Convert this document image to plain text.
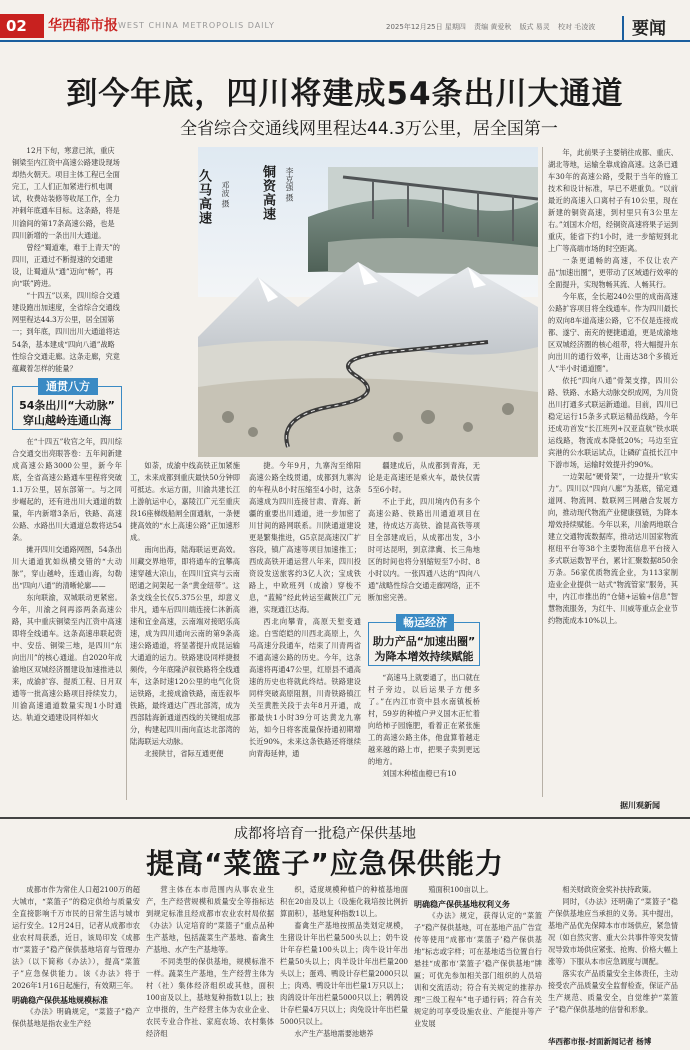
02	华西都市报 WEST CHINA METROPOLIS DAILY	2025年12月25日 星期四 责编 黄爱秋 版式 易灵 校对 毛凌波	要闻
到今年底，四川将建成54条出川大通道
全省综合交通线网里程达44.3万公里，居全国第一

12月下旬，寒意已浓，重庆铜梁至内江资中高速公路建设现场却热火朝天。项目主体工程已全面完工，工人们正加紧进行机电调试，收费站装修等收尾工作，全力冲刺年底通车目标。这条路，将是川渝间的第17条高速公路，也是四川新增的一条出川大通道。

曾经“蜀道难，难于上青天”的四川，正通过不断提速的交通建设，让蜀道从“通”迈向“畅”，再向“联”跨进。

“十四五”以来，四川综合交通建设跑出加速度，全省综合交通线网里程达44.3万公里，居全国第一；到年底，四川出川大通道将达54条，基本建成“四向八通”战略性综合交通走廊。这条走廊，究竟蕴藏着怎样的能量？

久马高速 邓波 摄 铜资高速 李克强 摄
通贯八方
54条出川“大动脉” 穿山越岭连通山海

在“十四五”收官之年，四川综合交通交出亮眼答卷：五年间新建成高速公路3000公里，新今年底，全省高速公路通车里程将突破1.1万公里，居东部第一。与之同步崛起的，还有进出川大通道的数量，年内新增3条后，铁路、高速公路、水路出川大通道总数将达54条。

摊开四川交通路网图，54条出川大通道犹如纵横交错的“大动脉”，穿山越岭，连通山海，勾勒出“四向八通”的清晰轮廓——

东向联渝，双城联动更紧密。今年，川渝之间再添两条高速公路，其中重庆铜梁至内江资中高速即将全线通车。这条高速串联起资中、安岳、铜梁三地，是四川“东向出川”的核心通道。自2020年成渝地区双城经济圈建设加速推进以来，成渝扩容、提质工程、日月双通等一批高速公路项目持续发力，川渝高速通道数量实现1小时通达。轨道交通建设同样如火

如荼，成渝中线高铁正加紧施工，未来成都到重庆最快50分钟即可抵达。水运方面，川渝共建长江上游航运中心，嘉陵江广元至重庆段16座梯级船闸全面通航，一条便捷高效的“水上高速公路”正加速形成。

南向出海，陆海联运更高效。川藏交界地带，即将通车的宜攀高速穿越大凉山，在四川宜宾与云南昭通之间架起一条“黄金纽带”。这条支线全长仅5.375公里，却意义非凡，通车后四川端连接仁沐新高速和宜金高速，云南端对接昭乐高速，成为四川通向云南的第9条高速公路通道，将显著提升成昆运输大通道的运力。铁路建设同样捷报频传，今年底隆泸叙铁路将全线通车，这条时速120公里的电气化货运铁路，北接成渝铁路，南连叙毕铁路，最终通达广西北部湾，成为西部陆海新通道西线的关键组成部分，构建起四川南向直达北部湾的陆海联运大动脉。

北接陕甘，省际互通更便

捷。今年9月，九寨沟至绵阳高速公路全线贯通，成都到九寨沟的车程从8小时压缩至4小时，这条高速成为四川连接甘肃、青海、新疆的重要出川通道，进一步加密了川甘间的路网联系。川陕通道建设更是繁集推进，G5京昆高速汉广扩容段，镇广高速等项目加速推工；西成高铁开通运营八年来，四川投资设发送旅客约3亿人次；宝成铁路上，中欧班列（成渝）穿梭不息，“蓝鲸”经此转运至藏陕江广元港，实现通江达海。

西北向攀青，高原天堑变通途。白雪皑皑的川西北高原上，久马高速分段通车，结束了川青两省不通高速公路的历史。今年，这条高速将再通47公里，红原县不通高速的历史也将就此终结。铁路建设同样突破高原阻割，川青铁路镇江关至黄胜关段于去年8月开通，成都最快1小时39分可达黄龙九寨站，如今日将客流量保持通初期增长近90%，未来这条铁路还将继续向青海延伸，通

疆建成后，从成都到青海，无论是走高速还是乘火车，最快仅需5至6小时。

不止于此，四川境内仍有多个高速公路、铁路出川通道项目在建，待成达万高铁、渝昆高铁等项目全部建成后，从成都出发，3小时可达昆明，到京津冀、长三角地区的时间也将分别缩短至7小时、8小时以内。一张四通八达的“四向八通”战略性综合交通走廊网络，正不断加密完善。

畅运经济
助力产品“加速出圈” 为降本增效持续赋能

“高速马上就要通了，出口就在村子旁边，以后运果子方便多了。”在内江市资中县水南镇板桥村，59岁的种植户尹义国木正忙着向给柿子园施肥，看着正在紧张施工的高速公路主体，他盘算着越走越来越的路上市，把果子卖到更远的地方。

刘国木种植血橙已有10

年，此前果子主要销往成都、重庆、湖北等地，运输全靠成渝高速。这条已通车30年的高速公路，受限于当年的施工技术和设计标准，早已不堪重负。“以前最近的高速入口离村子有10公里，现在新建的铜资高速，到村里只有3公里左右。”刘国木介绍，经铜资高速将果子运到重庆，能省下约1小时，进一步缩短到北上广等高端市场的时空距离。

一条更通畅的高速，不仅让农产品“加速出圈”，更带动了区域通行效率的全面提升，实现物畅其流、人畅其行。

今年底，全长超240公里的成南高速公路扩容项目将全线通车。作为四川最长的双向8车道高速公路，它不仅是连接成都、遂宁、南充的便捷通道，更是成渝地区双城经济圈的核心组带，将大幅提升东向出川的通行效率，让南达38个多镇近人“半小时通道圈”。

依托“四向八通”骨架支撑，四川公路、铁路、水路大动脉交织成网，为川货出川打通多式联运新通道。目前，四川已稳定运行15条多式联运精品线路，今年还成功首发“长江班列+汉亚直航”铁水联运线路，物流成本降低20%；马边至宜宾港的公水联运试点，让磷矿直抵长江中下游市场，运输时效提升约90%。

一边架起“硬骨架”，一边提升“软实力”。四川以“四向八廊”为基底，锚定通道网、物流网、数联网三网融合发展方向，推动现代物流产业健康强链，为降本增效持续赋能。今年以来，川渝两地联合建立交通物流数据库，推动达川国家物流枢纽平台等38个主要物流信息平台接入多式联运数智平台，累计汇聚数据850余万条。56家优质物流企业，为113家制造业企业提供一站式“物流管家”服务，其中，内江市推出的“仓储+运输+信息”智慧物流服务，为红牛、川威等重点企业节约物流成本10%以上。

据川观新闻
成都将培育一批稳产保供基地
提高“菜篮子”应急保供能力

成都市作为常住人口超2100万的超大城市，“菜篮子”的稳定供给与质量安全直接影响千万市民的日常生活与城市运行安全。12月24日，记者从成都市农业农村局获悉，近日，该局印发《成都市“菜篮子”稳产保供基地培育与管理办法》（以下简称《办法》），提高“菜篮子”应急保供能力。该《办法》将于2026年1月16日起施行，有效期三年。

明确稳产保供基地规模标准

《办法》明确规定，“菜篮子”稳产保供基地是指农业生产经

营主体在本市范围内从事农业生产，生产经营规模和质量安全等指标达到规定标准且经成都市农业农村局依据《办法》认定培育的“菜篮子”重点品种生产基地，包括蔬菜生产基地、畜禽生产基地、水产生产基地等。

不同类型的保供基地，规模标准不一样。蔬菜生产基地，生产经营主体为村（社）集体经济组织或其他，面积100亩及以上，基地复种指数1以上；独立申报的，生产经营主体为农业企业、农民专业合作社、家庭农场、农村集体经济组

织，适度规模种植户的种植基地面积在20亩及以上（设施化栽培按比例折算面积），基地复种指数1以上。

畜禽生产基地按照品类划定规模，生猪设计年出栏量500头以上；奶牛设计年存栏量100头以上；肉牛设计年出栏量50头以上；肉羊设计年出栏量200头以上；蛋鸡、鸭设计存栏量2000只以上；肉鸡、鸭设计年出栏量1万只以上；肉鸽设计年出栏量5000只以上；鹌鹑设计存栏量4万只以上；肉兔设计年出栏量5000只以上。

水产生产基地需要池塘养

殖面积100亩以上。

明确稳产保供基地权利义务

《办法》规定，获得认定的“菜篮子”稳产保供基地，可在基地产品广告宣传等使用“成都市‘菜篮子’稳产保供基地”标志或字样；可在基地适当位置自行悬挂“成都市‘菜篮子’稳产保供基地”牌匾；可优先参加相关部门组织的人员培训和交流活动；符合有关规定的推荐办理“三级工程车”电子通行码；符合有关规定的可享受设施农业、产能提升等产业发展

相关财政资金奖补扶持政策。

同时，《办法》还明确了“菜篮子”稳产保供基地应当承担的义务。其中提出，基地产品优先保障本市市场供应，紧急情况（如自然灾害、重大公共事件等突发情况导致市场供应紧张、抢购、价格大幅上涨等）下服从本市应急调度与调配。

落实农产品质量安全主体责任，主动接受农产品质量安全监督检查，保证产品生产规范、质量安全，自觉维护“菜篮子”稳产保供基地的信誉和形象。

华西都市报-封面新闻记者 杨博
